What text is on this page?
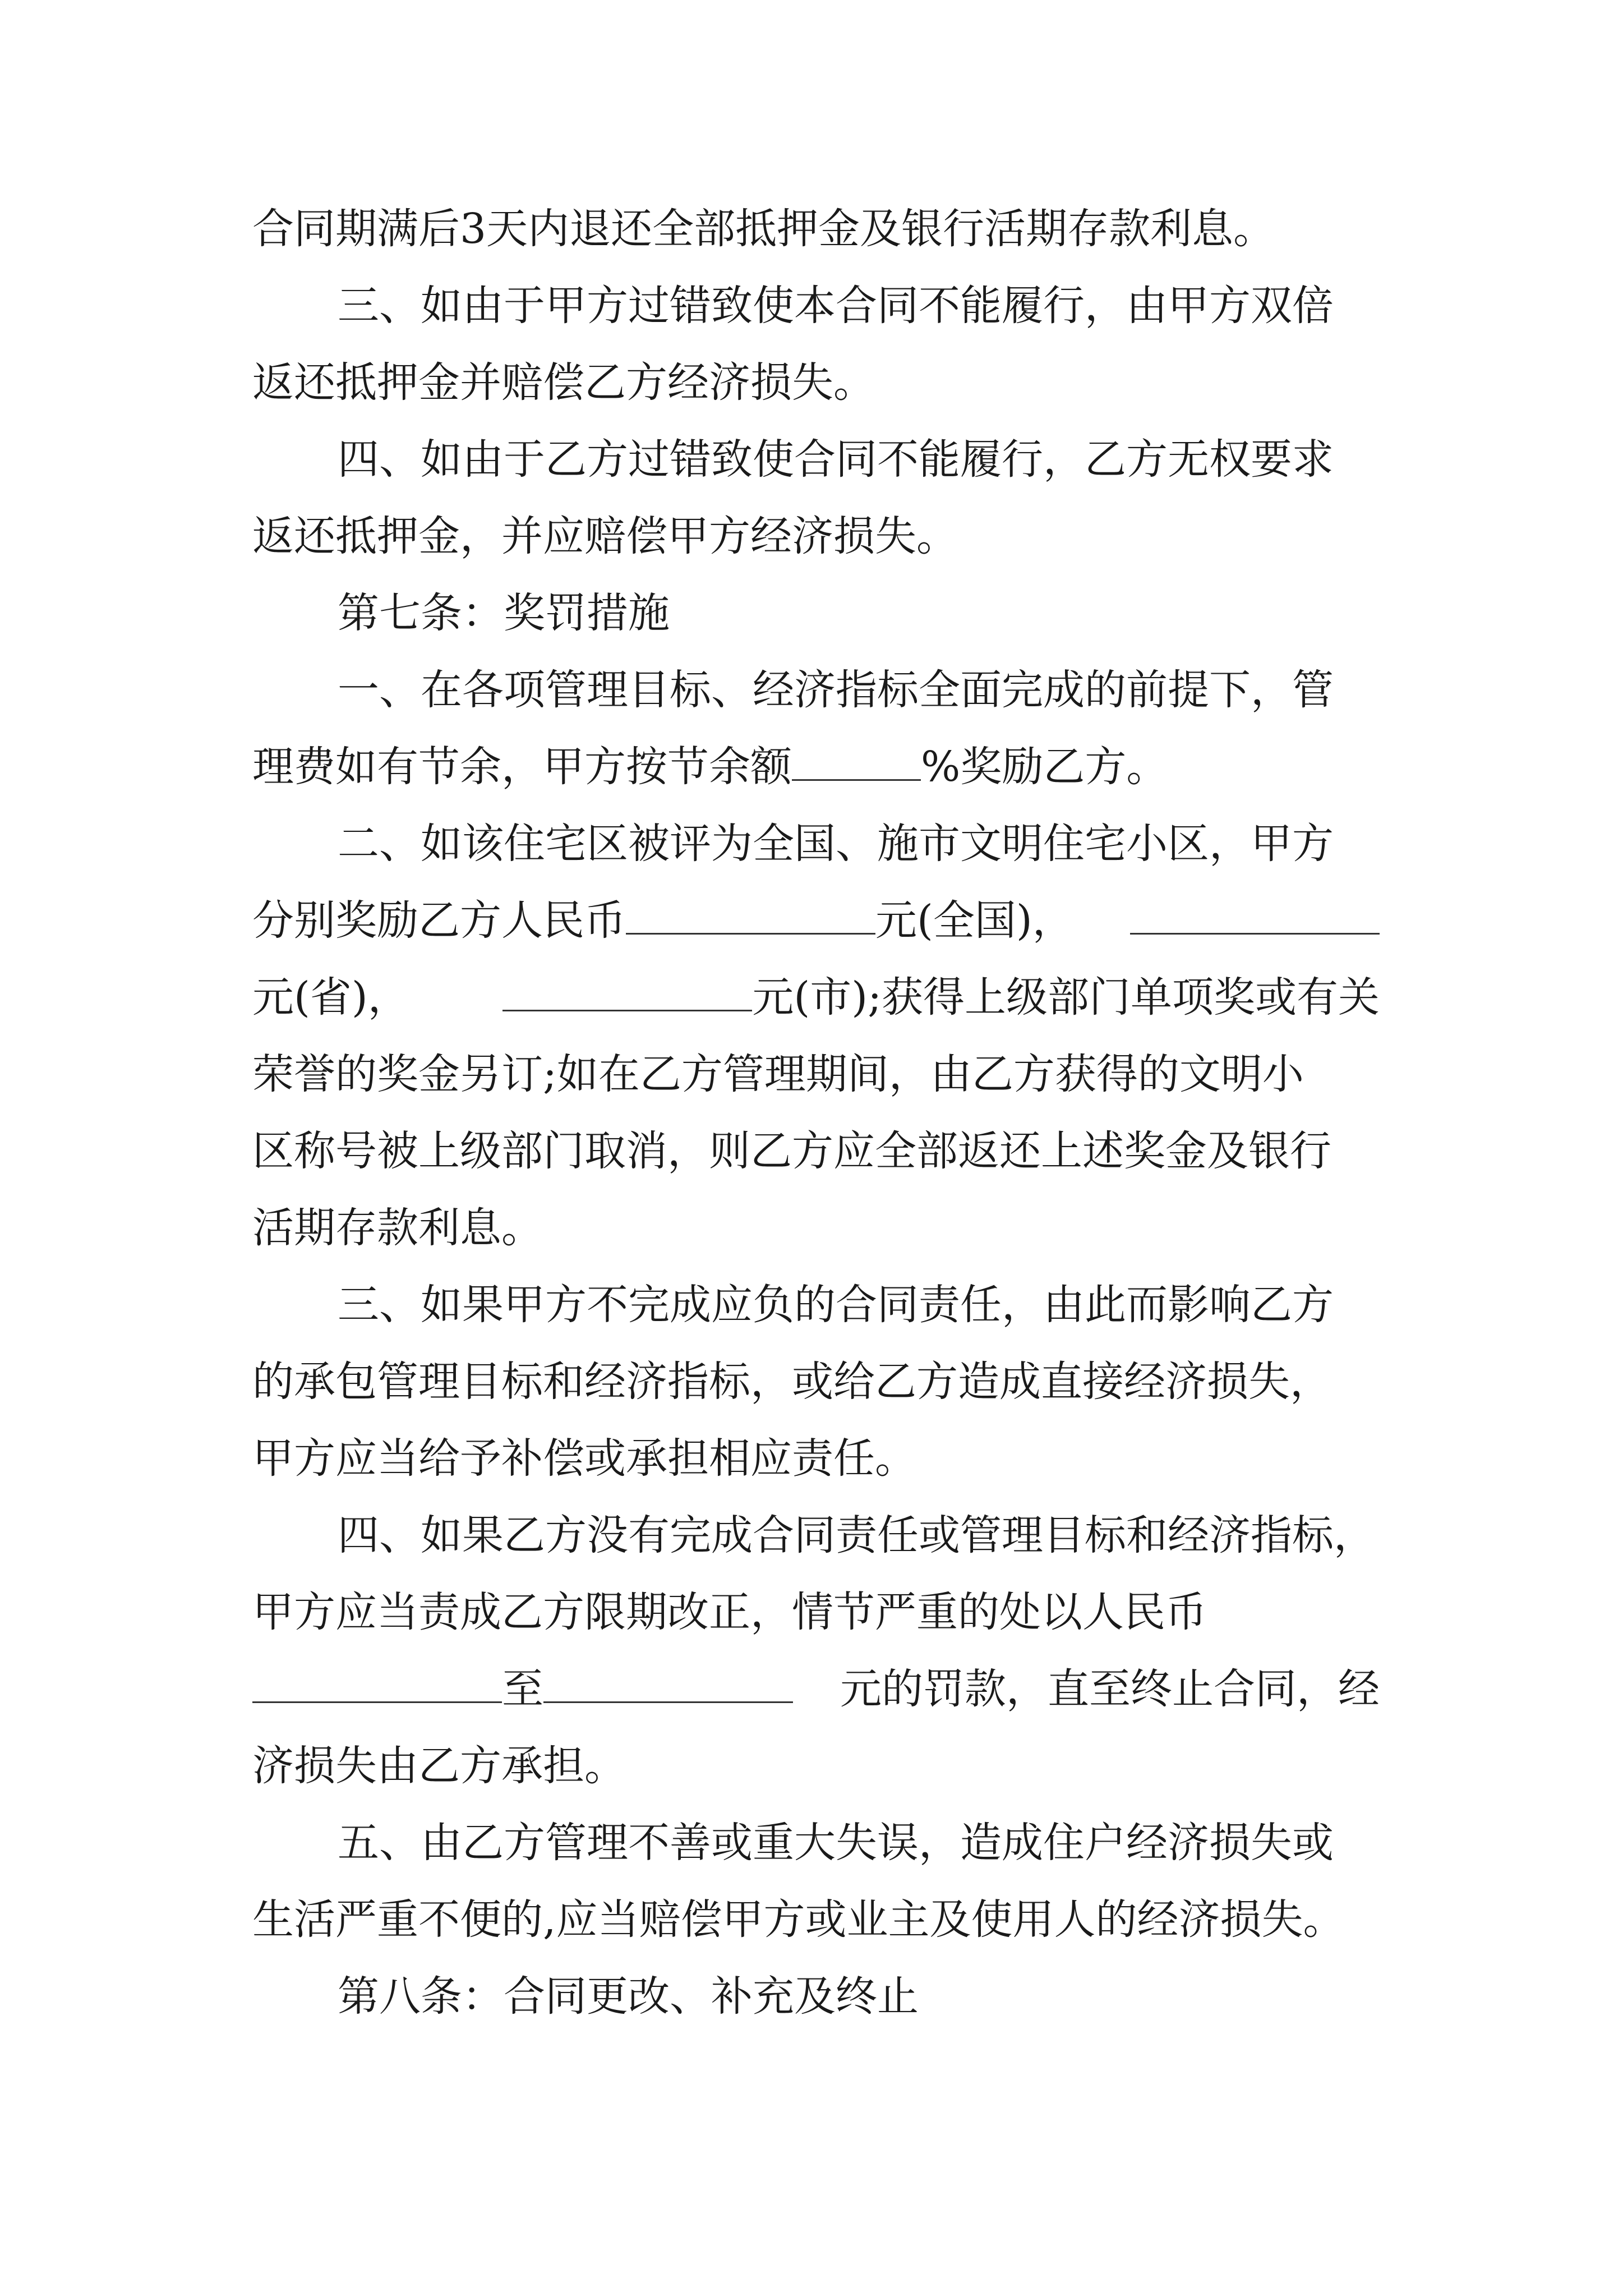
合同期满后3天内退还全部抵押金及银行活期存款利息。
三、如由于甲方过错致使本合同不能履行，由甲方双倍
返还抵押金并赔偿乙方经济损失。
四、如由于乙方过错致使合同不能履行，乙方无权要求
返还抵押金，并应赔偿甲方经济损失。
第七条：奖罚措施
一、在各项管理目标、经济指标全面完成的前提下，管
理费如有节余，甲方按节余额	%奖励乙方。
二、如该住宅区被评为全国、施市文明住宅小区，甲方
分别奖励乙方人民币	元(全国)，
元(省)，	元(市);获得上级部门单项奖或有关
荣誉的奖金另订;如在乙方管理期间，由乙方获得的文明小
区称号被上级部门取消，则乙方应全部返还上述奖金及银行
活期存款利息。
三、如果甲方不完成应负的合同责任，由此而影响乙方
的承包管理目标和经济指标，或给乙方造成直接经济损失，
甲方应当给予补偿或承担相应责任。
四、如果乙方没有完成合同责任或管理目标和经济指标，
甲方应当责成乙方限期改正，情节严重的处以人民币
至	元的罚款，直至终止合同，经
济损失由乙方承担。
五、由乙方管理不善或重大失误，造成住户经济损失或
生活严重不便的,应当赔偿甲方或业主及使用人的经济损失。
第八条：合同更改、补充及终止
